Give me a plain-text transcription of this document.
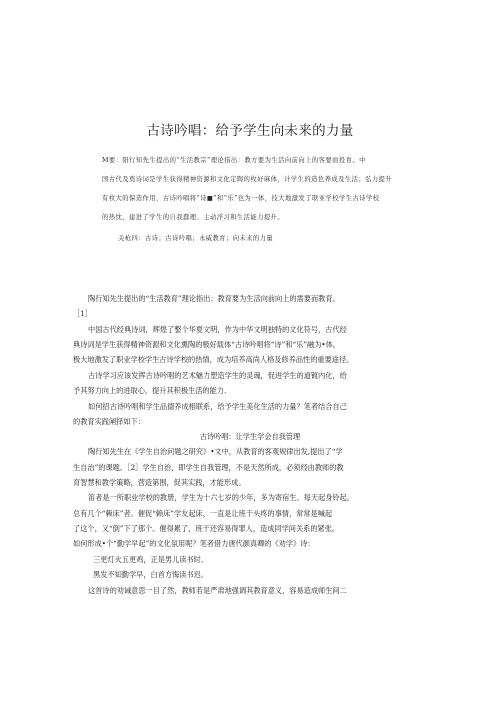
古诗吟唱：给予学生向未来的力量
M要：阳行知先生提出的“生活教宗”理论指出：教方要为生活向前向上的客要而投育。中
国古代及奠诗词是学生获得精神资源和文化定陶的枚好麻体，计学生的造色养成及生活；弘力提升
有枚大的保造作用，古诗吟唱将“诗■”和“乐”也为一体，技大地激发了联亚学校学生古诗学校
的热忱，建进了学生的自我蠢理、主动浮习和生活能力提升。
关枪四：古诗；古诗吟唱；永威教育；向未来的力量
陶行知先生提出的“生活教育”理论指出：教育要为生活向前向上的需要而教育。
［1］
中国古代经典诗词，辉煌了整个华夏文明，作为中华文明独特的文化符号，古代经
典诗词是学生获得精神资源和文化熏陶的极好载体“古诗吟唱将“诗”和“乐”融为•体，
极大地激发了职业学校学生古诗学校的热情，成为培养高尚人格及修养品性的重要途径。
古诗学习应该发挥古诗吟唱的艺术魅力塑造学生的灵魂，促进学生的道镀内化，给
予其努力向上的进取心，提升其积极生活的能力.
如何招古诗吟唱和学生品德养成相联系，给予学生美化生活的力量？笔者结合自己
的教育实践阐择如下：
古诗吟唱：让学生学会自我管理
陶行知先生在《学生自治问题之研究》•文中，从教育的客观规律出发,提出了“学
生自治”的课题。［2］学生自治，即学生自我管理，不是天然所成，必须经由教师的教
育智慧和教学策略，营造第围，促其实践，才能形成。
笛者是一所职业学校的教册，学生为十六七岁的少年，多为寄宿生。每天起身铃起，
总有几个“赖床”者。催促“赖床”学友起床，一直是让班干头疼的事情，常常是喊起
了这个，又“倒”下了那个。催得累了，班干还容易得罪人，造成同学间关系的紧张。
如何形成•个“勤学早起”的文化氛用呢？笔者借力唐代颜真卿的《劝学》诗：
三更灯火五更鸡，正是男儿读书时。
黑发不知勤学早，白首方悔读书迟。
这首诗的劝诫意思一目了然，教师若是严肃地强调其教育意义，容易造成师生间二
